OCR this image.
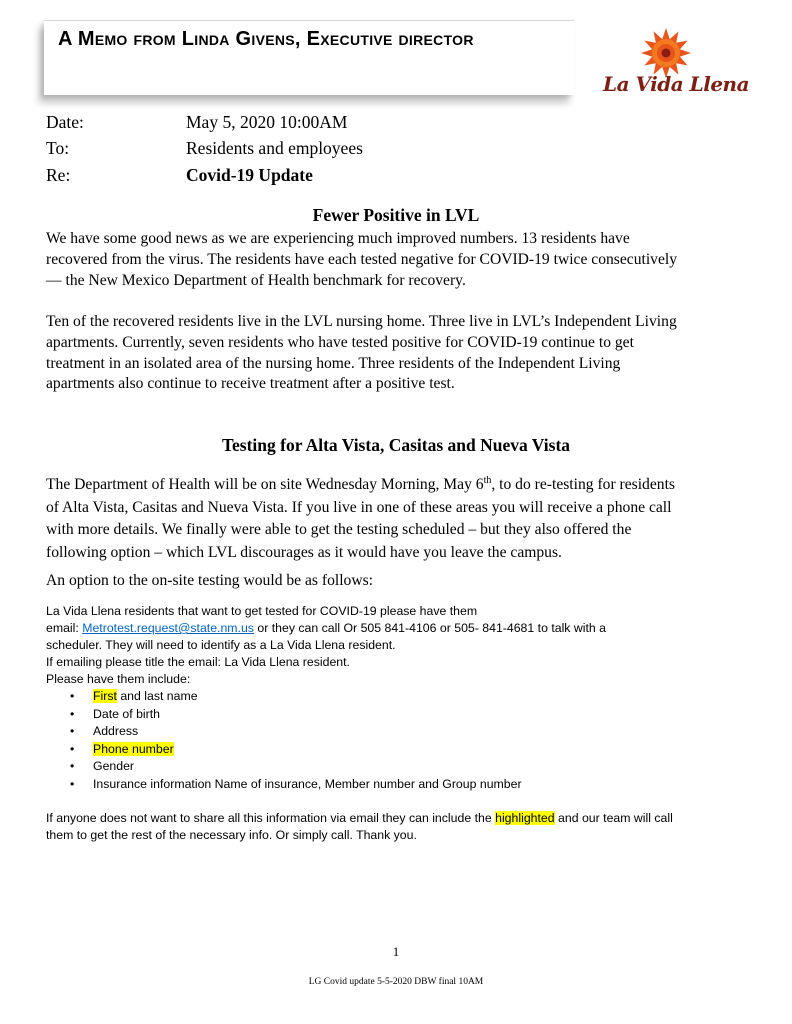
A Memo from Linda Givens, Executive director
La Vida Llena
Date:	May 5, 2020 10:00AM
To:	Residents and employees
Re:	Covid-19 Update
Fewer Positive in LVL
We have some good news as we are experiencing much improved numbers. 13 residents have
recovered from the virus. The residents have each tested negative for COVID-19 twice consecutively
— the New Mexico Department of Health benchmark for recovery.
Ten of the recovered residents live in the LVL nursing home. Three live in LVL’s Independent Living
apartments. Currently, seven residents who have tested positive for COVID-19 continue to get
treatment in an isolated area of the nursing home. Three residents of the Independent Living
apartments also continue to receive treatment after a positive test.
Testing for Alta Vista, Casitas and Nueva Vista
The Department of Health will be on site Wednesday Morning, May 6th, to do re-testing for residents
of Alta Vista, Casitas and Nueva Vista. If you live in one of these areas you will receive a phone call
with more details. We finally were able to get the testing scheduled – but they also offered the
following option – which LVL discourages as it would have you leave the campus.
An option to the on-site testing would be as follows:
La Vida Llena residents that want to get tested for COVID-19 please have them
email: Metrotest.request@state.nm.us or they can call Or 505 841-4106 or 505- 841-4681 to talk with a
scheduler. They will need to identify as a La Vida Llena resident.
If emailing please title the email: La Vida Llena resident.
Please have them include:
• First and last name
• Date of birth
• Address
• Phone number
• Gender
• Insurance information Name of insurance, Member number and Group number
If anyone does not want to share all this information via email they can include the highlighted and our team will call
them to get the rest of the necessary info. Or simply call. Thank you.
1
LG Covid update 5-5-2020 DBW final 10AM
